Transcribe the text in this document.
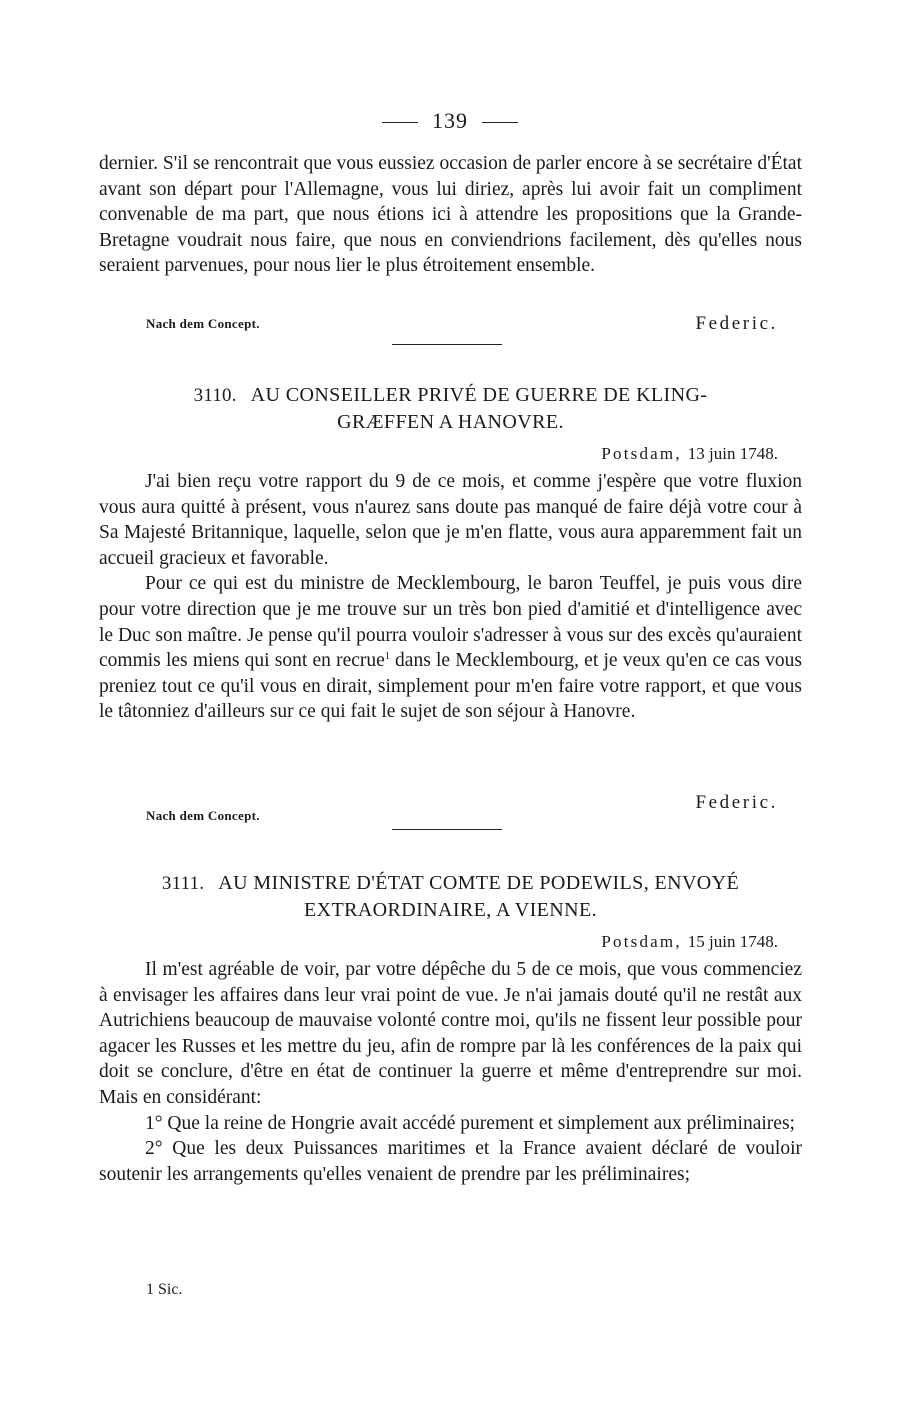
139

dernier. S'il se rencontrait que vous eussiez occasion de parler encore à se secrétaire d'État avant son départ pour l'Allemagne, vous lui diriez, après lui avoir fait un compliment convenable de ma part, que nous étions ici à attendre les propositions que la Grande-Bretagne voudrait nous faire, que nous en conviendrions facilement, dès qu'elles nous seraient parvenues, pour nous lier le plus étroitement ensemble.

Nach dem Concept.	Federic.
3110. AU CONSEILLER PRIVÉ DE GUERRE DE KLING-
GRÆFFEN A HANOVRE.
Potsdam, 13 juin 1748.

J'ai bien reçu votre rapport du 9 de ce mois, et comme j'espère que votre fluxion vous aura quitté à présent, vous n'aurez sans doute pas manqué de faire déjà votre cour à Sa Majesté Britannique, laquelle, selon que je m'en flatte, vous aura apparemment fait un accueil gracieux et favorable.

Pour ce qui est du ministre de Mecklembourg, le baron Teuffel, je puis vous dire pour votre direction que je me trouve sur un très bon pied d'amitié et d'intelligence avec le Duc son maître. Je pense qu'il pourra vouloir s'adresser à vous sur des excès qu'auraient commis les miens qui sont en recrue$^1$ dans le Mecklembourg, et je veux qu'en ce cas vous preniez tout ce qu'il vous en dirait, simplement pour m'en faire votre rapport, et que vous le tâtonniez d'ailleurs sur ce qui fait le sujet de son séjour à Hanovre.

Federic.
Nach dem Concept.
3111. AU MINISTRE D'ÉTAT COMTE DE PODEWILS, ENVOYÉ
EXTRAORDINAIRE, A VIENNE.
Potsdam, 15 juin 1748.

Il m'est agréable de voir, par votre dépêche du 5 de ce mois, que vous commenciez à envisager les affaires dans leur vrai point de vue. Je n'ai jamais douté qu'il ne restât aux Autrichiens beaucoup de mauvaise volonté contre moi, qu'ils ne fissent leur possible pour agacer les Russes et les mettre du jeu, afin de rompre par là les conférences de la paix qui doit se conclure, d'être en état de continuer la guerre et même d'entreprendre sur moi. Mais en considérant:

1° Que la reine de Hongrie avait accédé purement et simplement aux préliminaires;

2° Que les deux Puissances maritimes et la France avaient déclaré de vouloir soutenir les arrangements qu'elles venaient de prendre par les préliminaires;

1 Sic.
